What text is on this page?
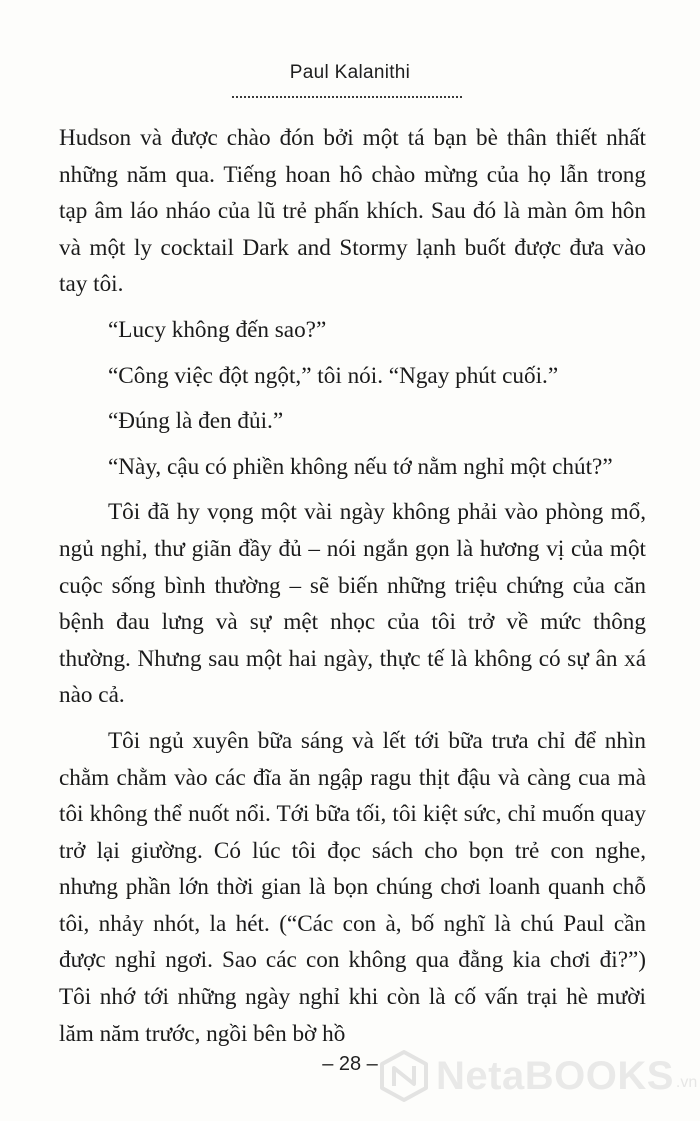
Paul Kalanithi

Hudson và được chào đón bởi một tá bạn bè thân thiết nhất những năm qua. Tiếng hoan hô chào mừng của họ lẫn trong tạp âm láo nháo của lũ trẻ phấn khích. Sau đó là màn ôm hôn và một ly cocktail Dark and Stormy lạnh buốt được đưa vào tay tôi.

“Lucy không đến sao?”

“Công việc đột ngột,” tôi nói. “Ngay phút cuối.”

“Đúng là đen đủi.”

“Này, cậu có phiền không nếu tớ nằm nghỉ một chút?”

Tôi đã hy vọng một vài ngày không phải vào phòng mổ, ngủ nghỉ, thư giãn đầy đủ – nói ngắn gọn là hương vị của một cuộc sống bình thường – sẽ biến những triệu chứng của căn bệnh đau lưng và sự mệt nhọc của tôi trở về mức thông thường. Nhưng sau một hai ngày, thực tế là không có sự ân xá nào cả.

Tôi ngủ xuyên bữa sáng và lết tới bữa trưa chỉ để nhìn chằm chằm vào các đĩa ăn ngập ragu thịt đậu và càng cua mà tôi không thể nuốt nổi. Tới bữa tối, tôi kiệt sức, chỉ muốn quay trở lại giường. Có lúc tôi đọc sách cho bọn trẻ con nghe, nhưng phần lớn thời gian là bọn chúng chơi loanh quanh chỗ tôi, nhảy nhót, la hét. (“Các con à, bố nghĩ là chú Paul cần được nghỉ ngơi. Sao các con không qua đằng kia chơi đi?”) Tôi nhớ tới những ngày nghỉ khi còn là cố vấn trại hè mười lăm năm trước, ngồi bên bờ hồ

– 28 –	NetaBOOKS .vn
